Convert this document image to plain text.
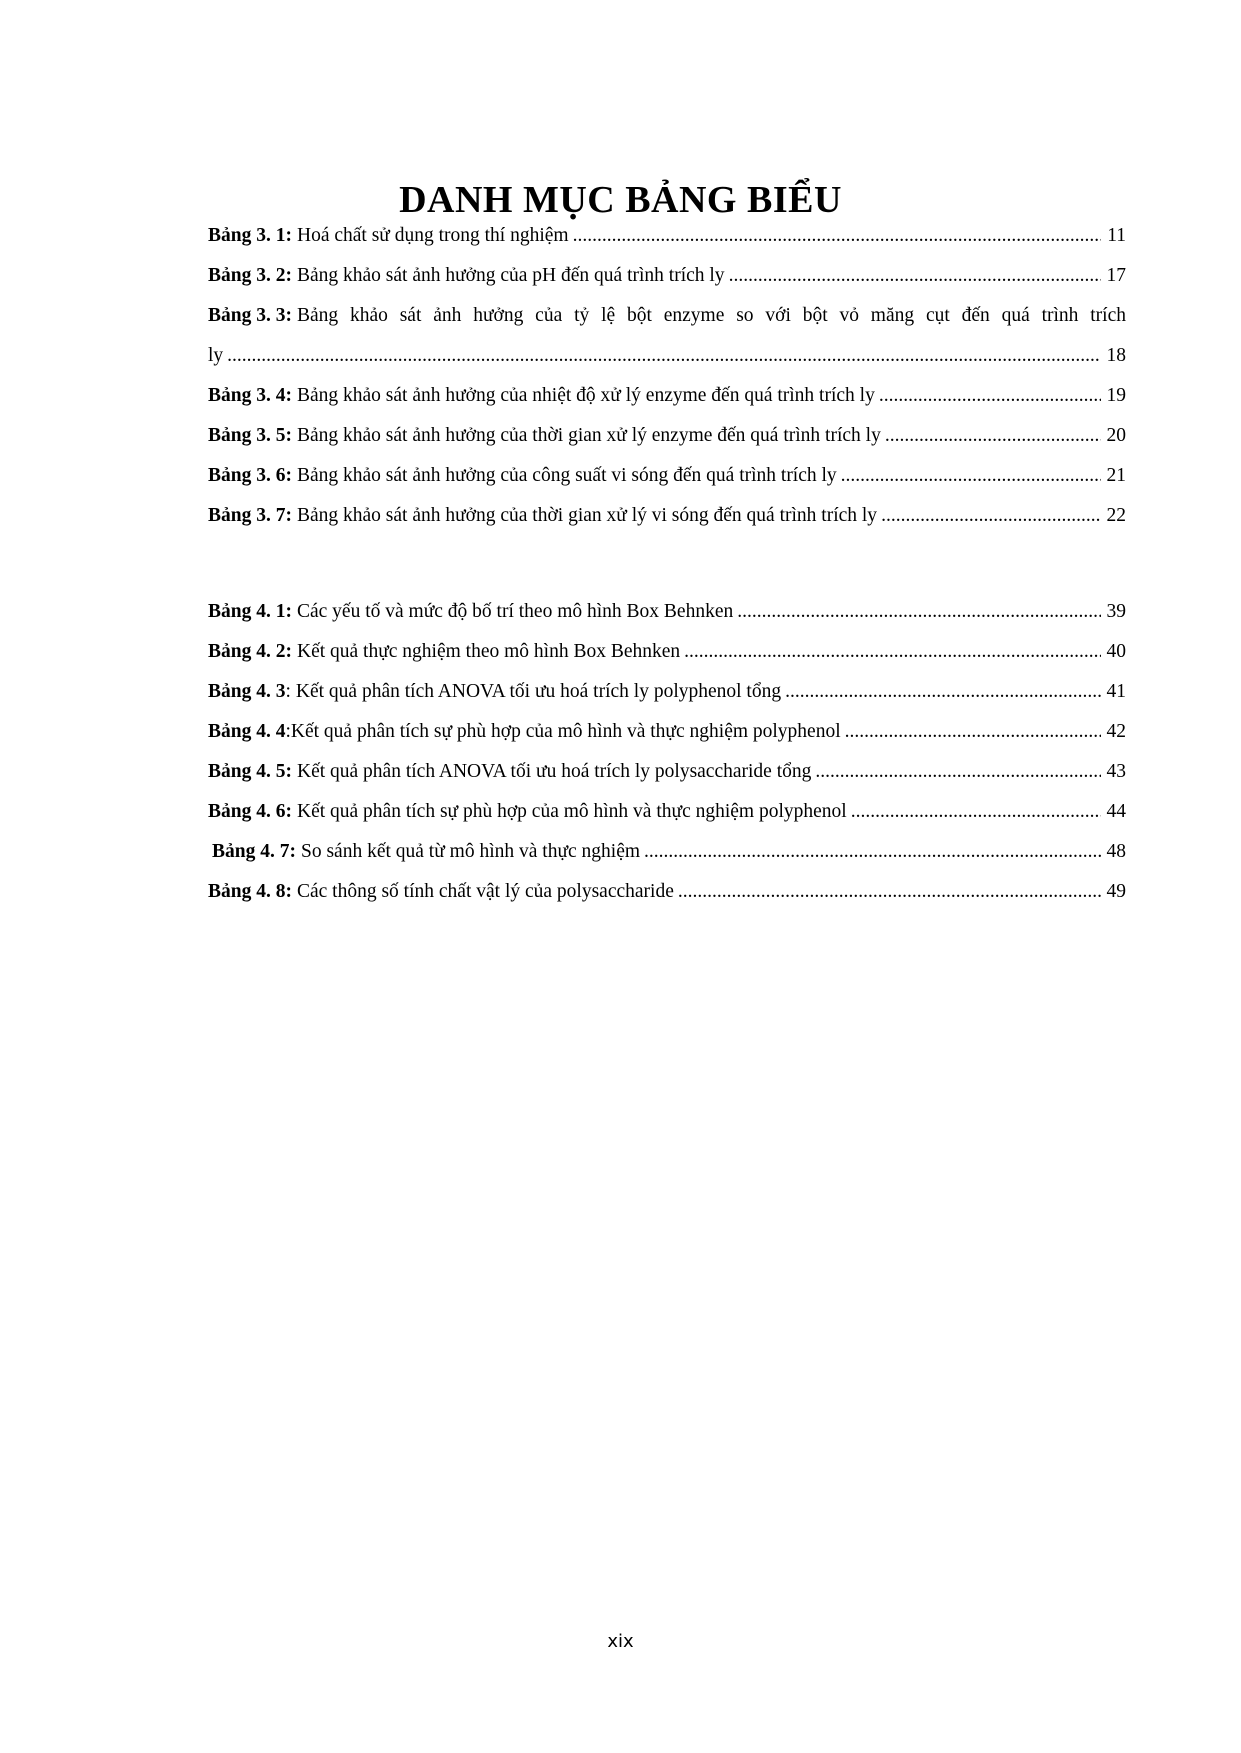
DANH MỤC BẢNG BIỂU
Bảng 3. 1: Hoá chất sử dụng trong thí nghiệm .....	11
Bảng 3. 2: Bảng khảo sát ảnh hưởng của pH đến quá trình trích ly .....	17
Bảng 3. 3: Bảng khảo sát ảnh hưởng của tỷ lệ bột enzyme so với bột vỏ măng cụt đến quá trình trích
ly .....	18
Bảng 3. 4: Bảng khảo sát ảnh hưởng của nhiệt độ xử lý enzyme đến quá trình trích ly .....	19
Bảng 3. 5: Bảng khảo sát ảnh hưởng của thời gian xử lý enzyme đến quá trình trích ly .....	20
Bảng 3. 6: Bảng khảo sát ảnh hưởng của công suất vi sóng đến quá trình trích ly .....	21
Bảng 3. 7: Bảng khảo sát ảnh hưởng của thời gian xử lý vi sóng đến quá trình trích ly .....	22
Bảng 4. 1: Các yếu tố và mức độ bố trí theo mô hình Box Behnken .....	39
Bảng 4. 2: Kết quả thực nghiệm theo mô hình Box Behnken .....	40
Bảng 4. 3 : Kết quả phân tích ANOVA tối ưu hoá trích ly polyphenol tổng .....	41
Bảng 4. 4 : Kết quả phân tích sự phù hợp của mô hình và thực nghiệm polyphenol .....	42
Bảng 4. 5: Kết quả phân tích ANOVA tối ưu hoá trích ly polysaccharide tổng .....	43
Bảng 4. 6: Kết quả phân tích sự phù hợp của mô hình và thực nghiệm polyphenol .....	44
Bảng 4. 7: So sánh kết quả từ mô hình và thực nghiệm .....	48
Bảng 4. 8: Các thông số tính chất vật lý của polysaccharide .....	49
xix
